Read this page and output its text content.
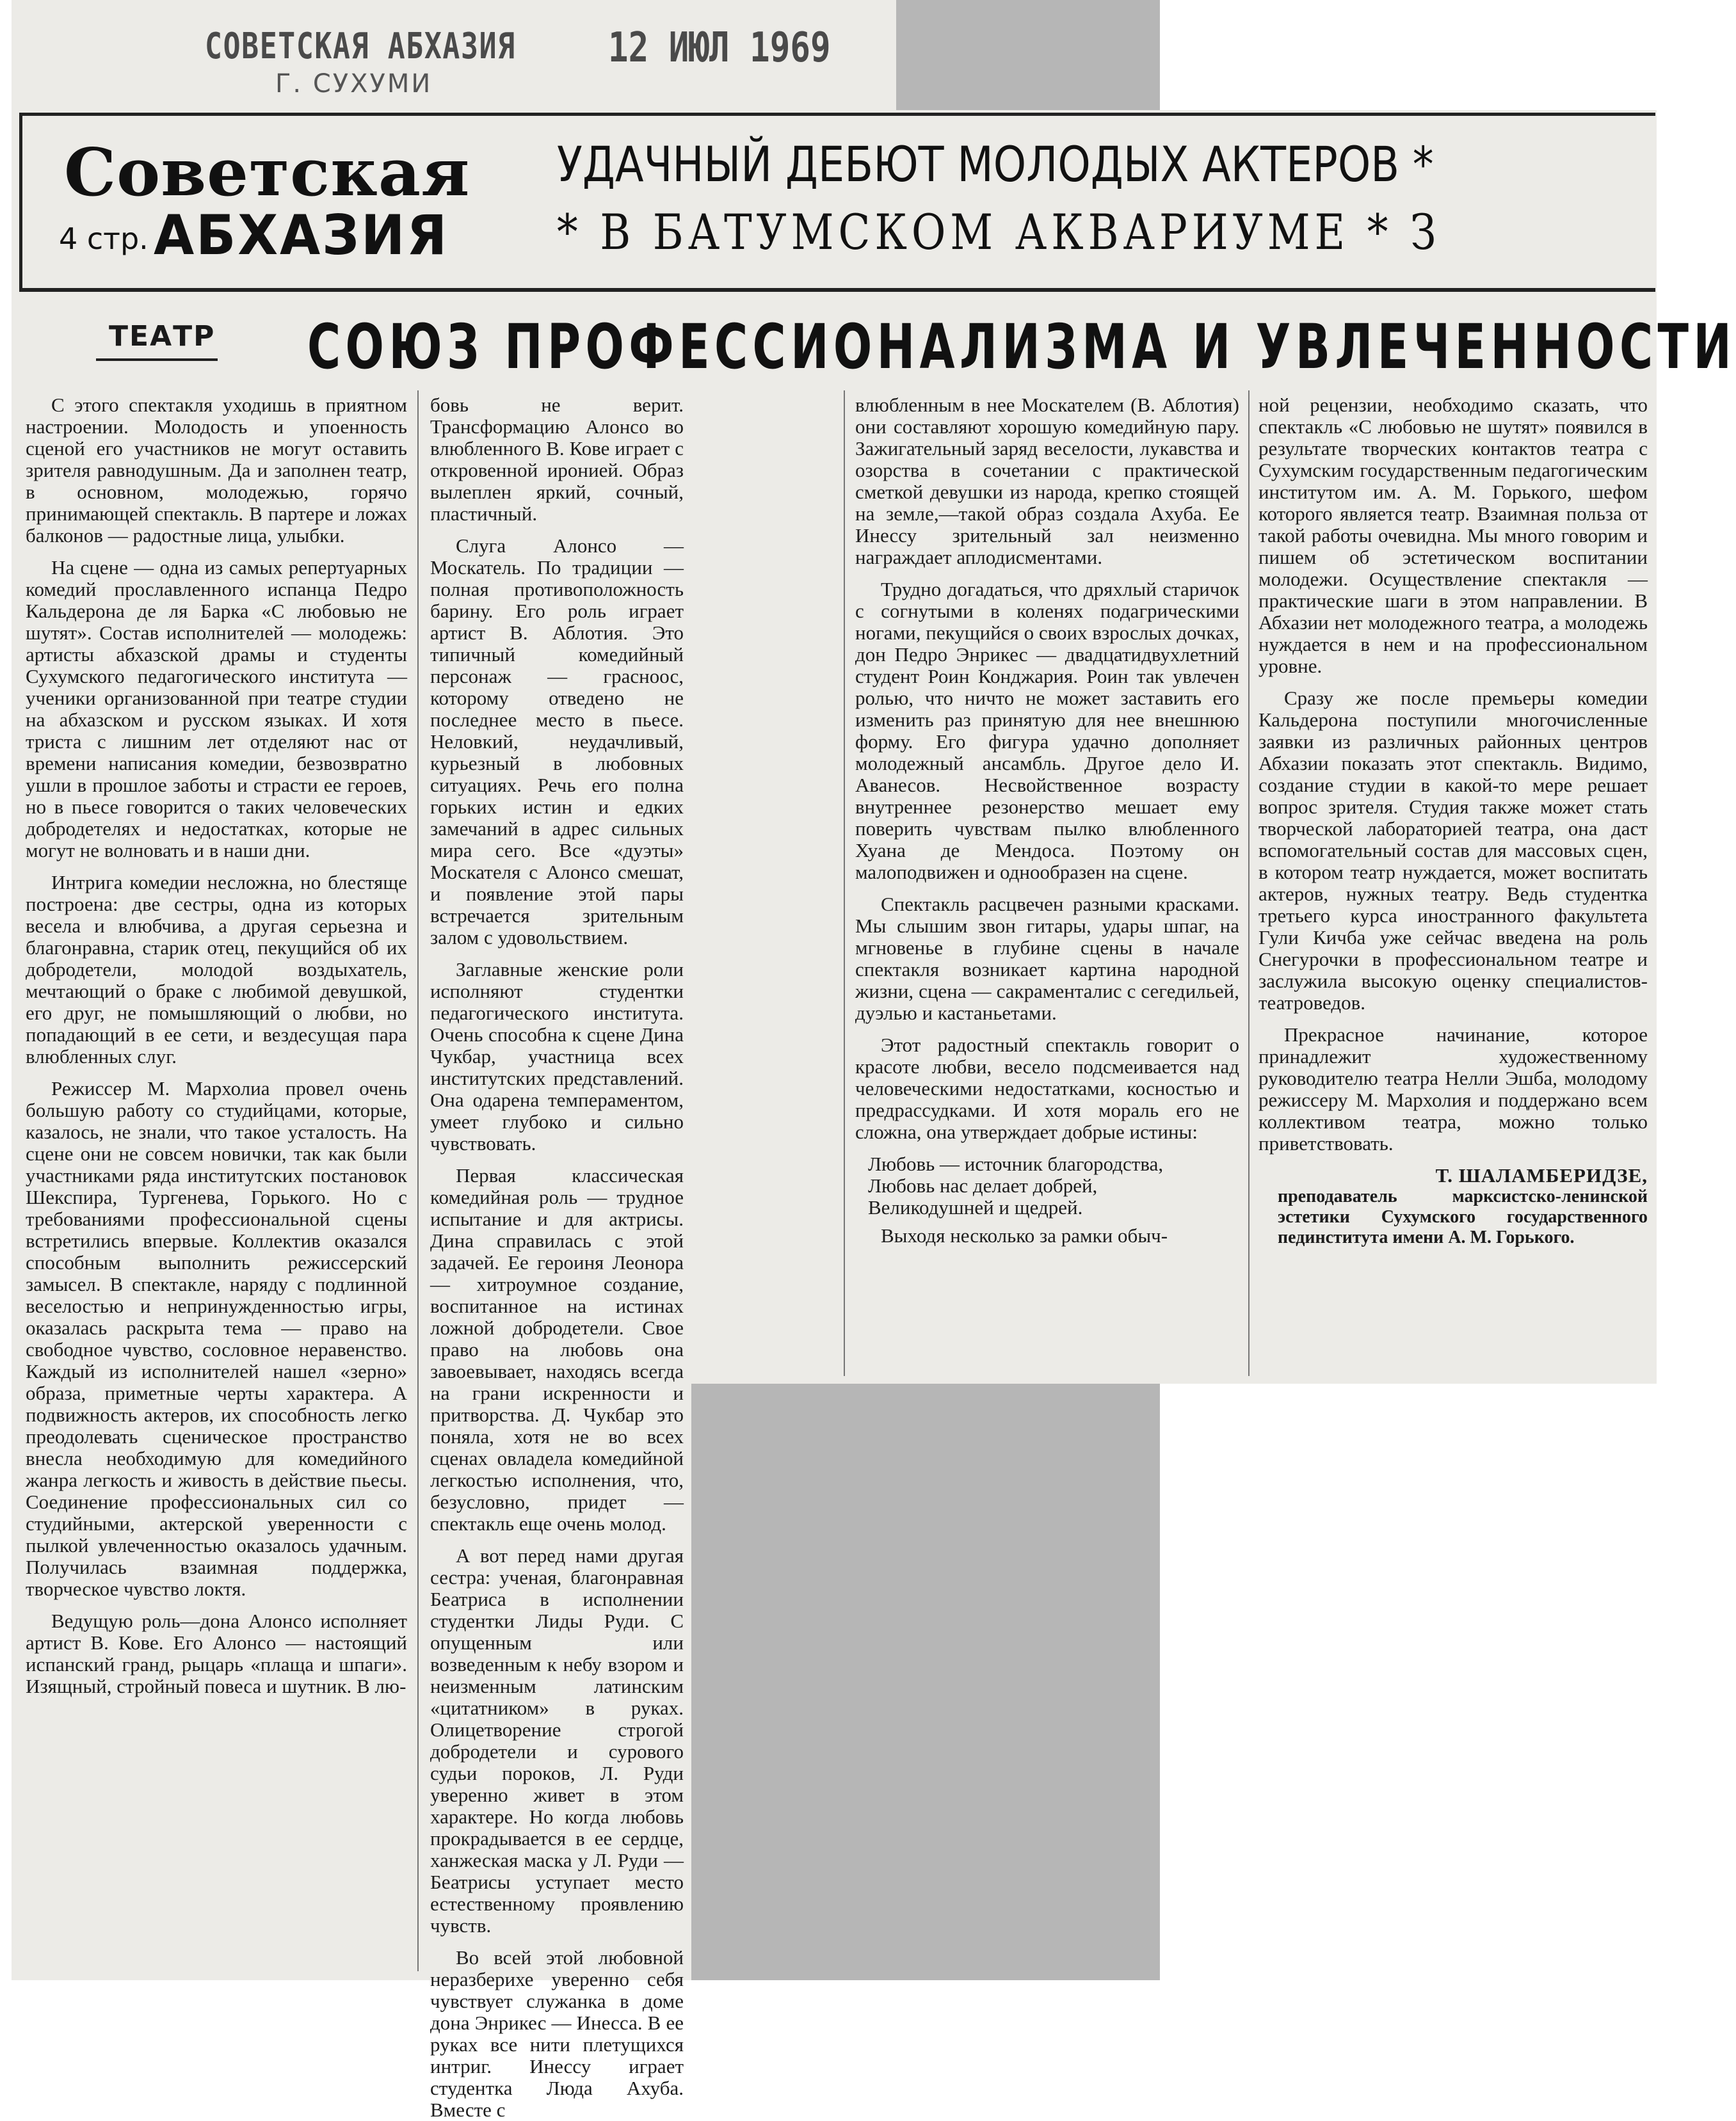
СОВЕТСКАЯ АБХАЗИЯ 12 ИЮЛ 1969
Г. СУХУМИ
Советская
4 стр. АБХАЗИЯ
УДАЧНЫЙ ДЕБЮТ МОЛОДЫХ АКТЕРОВ *
* В БАТУМСКОМ АКВАРИУМЕ * З
ТЕАТР СОЮЗ ПРОФЕССИОНАЛИЗМА И УВЛЕЧЕННОСТИ

С этого спектакля уходишь в приятном настроении. Молодость и упоенность сценой его участников не могут оставить зрителя равнодушным. Да и заполнен театр, в основном, молодежью, горячо принимающей спектакль. В партере и ложах балконов — радостные лица, улыбки.

На сцене — одна из самых репертуарных комедий прославленного испанца Педро Кальдерона де ля Барка «С любовью не шутят». Состав исполнителей — молодежь: артисты абхазской драмы и студенты Сухумского педагогического института — ученики организованной при театре студии на абхазском и русском языках. И хотя триста с лишним лет отделяют нас от времени написания комедии, безвозвратно ушли в прошлое заботы и страсти ее героев, но в пьесе говорится о таких человеческих добродетелях и недостатках, которые не могут не волновать и в наши дни.

Интрига комедии несложна, но блестяще построена: две сестры, одна из которых весела и влюбчива, а другая серьезна и благонравна, старик отец, пекущийся об их добродетели, молодой воздыхатель, мечтающий о браке с любимой девушкой, его друг, не помышляющий о любви, но попадающий в ее сети, и вездесущая пара влюбленных слуг.

Режиссер М. Мархолиа провел очень большую работу со студийцами, которые, казалось, не знали, что такое усталость. На сцене они не совсем новички, так как были участниками ряда институтских постановок Шекспира, Тургенева, Горького. Но с требованиями профессиональной сцены встретились впервые. Коллектив оказался способным выполнить режиссерский замысел. В спектакле, наряду с подлинной веселостью и непринужденностью игры, оказалась раскрыта тема — право на свободное чувство, сословное неравенство. Каждый из исполнителей нашел «зерно» образа, приметные черты характера. А подвижность актеров, их способность легко преодолевать сценическое пространство внесла необходимую для комедийного жанра легкость и живость в действие пьесы. Соединение профессиональных сил со студийными, актерской уверенности с пылкой увлеченностью оказалось удачным. Получилась взаимная поддержка, творческое чувство локтя.

Ведущую роль—дона Алонсо исполняет артист В. Кове. Его Алонсо — настоящий испанский гранд, рыцарь «плаща и шпаги». Изящный, стройный повеса и шутник. В лю-

бовь не верит. Трансформацию Алонсо во влюбленного В. Кове играет с откровенной иронией. Образ вылеплен яркий, сочный, пластичный.

Слуга Алонсо — Москатель. По традиции — полная противоположность барину. Его роль играет артист В. Аблотия. Это типичный комедийный персонаж — грасноос, которому отведено не последнее место в пьесе. Неловкий, неудачливый, курьезный в любовных ситуациях. Речь его полна горьких истин и едких замечаний в адрес сильных мира сего. Все «дуэты» Москателя с Алонсо смешат, и появление этой пары встречается зрительным залом с удовольствием.

Заглавные женские роли исполняют студентки педагогического института. Очень способна к сцене Дина Чукбар, участница всех институтских представлений. Она одарена темпераментом, умеет глубоко и сильно чувствовать.

Первая классическая комедийная роль — трудное испытание и для актрисы. Дина справилась с этой задачей. Ее героиня Леонора — хитроумное создание, воспитанное на истинах ложной добродетели. Свое право на любовь она завоевывает, находясь всегда на грани искренности и притворства. Д. Чукбар это поняла, хотя не во всех сценах овладела комедийной легкостью исполнения, что, безусловно, придет — спектакль еще очень молод.

А вот перед нами другая сестра: ученая, благонравная Беатриса в исполнении студентки Лиды Руди. С опущенным или возведенным к небу взором и неизменным латинским «цитатником» в руках. Олицетворение строгой добродетели и сурового судьи пороков, Л. Руди уверенно живет в этом характере. Но когда любовь прокрадывается в ее сердце, ханжеская маска у Л. Руди — Беатрисы уступает место естественному проявлению чувств.

Во всей этой любовной неразберихе уверенно себя чувствует служанка в доме дона Энрикес — Инесса. В ее руках все нити плетущихся интриг. Инессу играет студентка Люда Ахуба. Вместе с

влюбленным в нее Москателем (В. Аблотия) они составляют хорошую комедийную пару. Зажигательный заряд веселости, лукавства и озорства в сочетании с практической сметкой девушки из народа, крепко стоящей на земле,—такой образ создала Ахуба. Ее Инессу зрительный зал неизменно награждает аплодисментами.

Трудно догадаться, что дряхлый старичок с согнутыми в коленях подагрическими ногами, пекущийся о своих взрослых дочках, дон Педро Энрикес — двадцатидвухлетний студент Роин Конджария. Роин так увлечен ролью, что ничто не может заставить его изменить раз принятую для нее внешнюю форму. Его фигура удачно дополняет молодежный ансамбль. Другое дело И. Аванесов. Несвойственное возрасту внутреннее резонерство мешает ему поверить чувствам пылко влюбленного Хуана де Мендоса. Поэтому он малоподвижен и однообразен на сцене.

Спектакль расцвечен разными красками. Мы слышим звон гитары, удары шпаг, на мгновенье в глубине сцены в начале спектакля возникает картина народной жизни, сцена — сакраменталис с сегедильей, дуэлью и кастаньетами.

Этот радостный спектакль говорит о красоте любви, весело подсмеивается над человеческими недостатками, косностью и предрассудками. И хотя мораль его не сложна, она утверждает добрые истины:

Любовь — источник благородства,
Любовь нас делает добрей,
Великодушней и щедрей.

Выходя несколько за рамки обыч-

ной рецензии, необходимо сказать, что спектакль «С любовью не шутят» появился в результате творческих контактов театра с Сухумским государственным педагогическим институтом им. А. М. Горького, шефом которого является театр. Взаимная польза от такой работы очевидна. Мы много говорим и пишем об эстетическом воспитании молодежи. Осуществление спектакля — практические шаги в этом направлении. В Абхазии нет молодежного театра, а молодежь нуждается в нем и на профессиональном уровне.

Сразу же после премьеры комедии Кальдерона поступили многочисленные заявки из различных районных центров Абхазии показать этот спектакль. Видимо, создание студии в какой-то мере решает вопрос зрителя. Студия также может стать творческой лабораторией театра, она даст вспомогательный состав для массовых сцен, в котором театр нуждается, может воспитать актеров, нужных театру. Ведь студентка третьего курса иностранного факультета Гули Кичба уже сейчас введена на роль Снегурочки в профессиональном театре и заслужила высокую оценку специалистов-театроведов.

Прекрасное начинание, которое принадлежит художественному руководителю театра Нелли Эшба, молодому режиссеру М. Мархолия и поддержано всем коллективом театра, можно только приветствовать.

Т. ШАЛАМБЕРИДЗЕ,
преподаватель марксистско-ленинской эстетики Сухумского государственного пединститута имени А. М. Горького.
